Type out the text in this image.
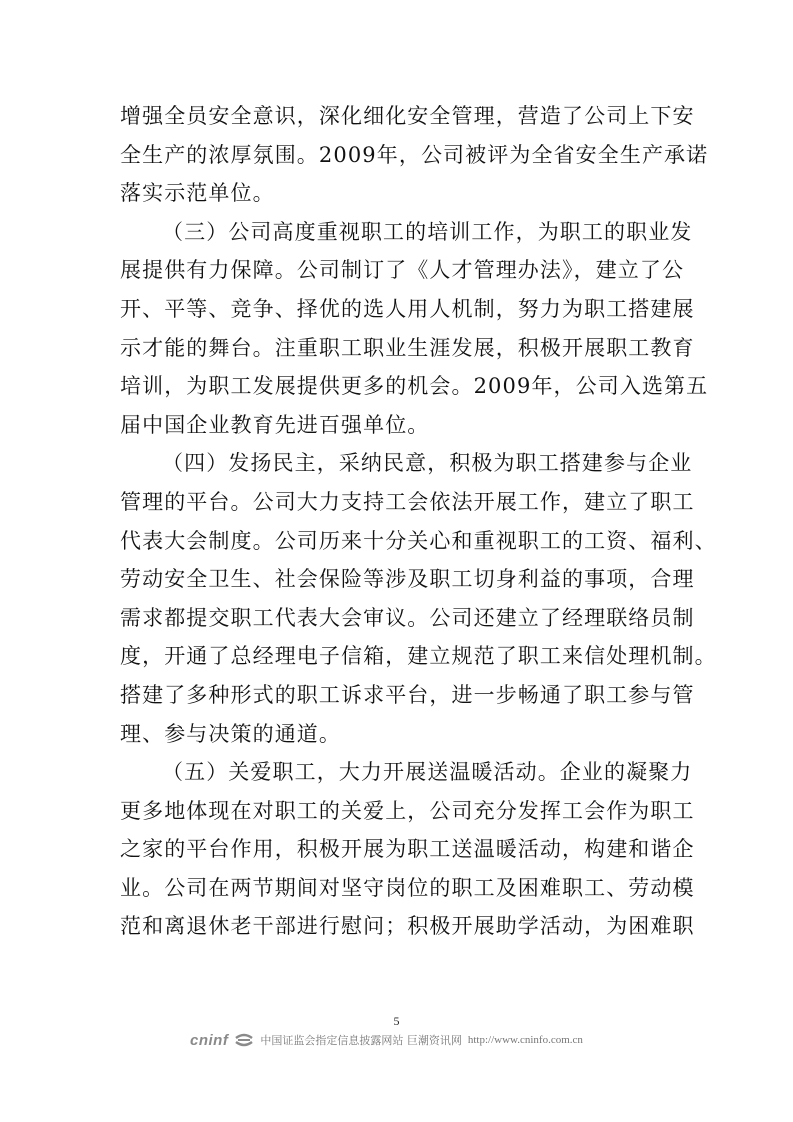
增强全员安全意识，深化细化安全管理，营造了公司上下安
全生产的浓厚氛围。2009年，公司被评为全省安全生产承诺
落实示范单位。
（三）公司高度重视职工的培训工作，为职工的职业发
展提供有力保障。公司制订了《人才管理办法》，建立了公
开、平等、竞争、择优的选人用人机制，努力为职工搭建展
示才能的舞台。注重职工职业生涯发展，积极开展职工教育
培训，为职工发展提供更多的机会。2009年，公司入选第五
届中国企业教育先进百强单位。
（四）发扬民主，采纳民意，积极为职工搭建参与企业
管理的平台。公司大力支持工会依法开展工作，建立了职工
代表大会制度。公司历来十分关心和重视职工的工资、福利、
劳动安全卫生、社会保险等涉及职工切身利益的事项，合理
需求都提交职工代表大会审议。公司还建立了经理联络员制
度，开通了总经理电子信箱，建立规范了职工来信处理机制。
搭建了多种形式的职工诉求平台，进一步畅通了职工参与管
理、参与决策的通道。
（五）关爱职工，大力开展送温暖活动。企业的凝聚力
更多地体现在对职工的关爱上，公司充分发挥工会作为职工
之家的平台作用，积极开展为职工送温暖活动，构建和谐企
业。公司在两节期间对坚守岗位的职工及困难职工、劳动模
范和离退休老干部进行慰问；积极开展助学活动，为困难职
5
cninf	中国证监会指定信息披露网站 巨潮资讯网 http://www.cninfo.com.cn
